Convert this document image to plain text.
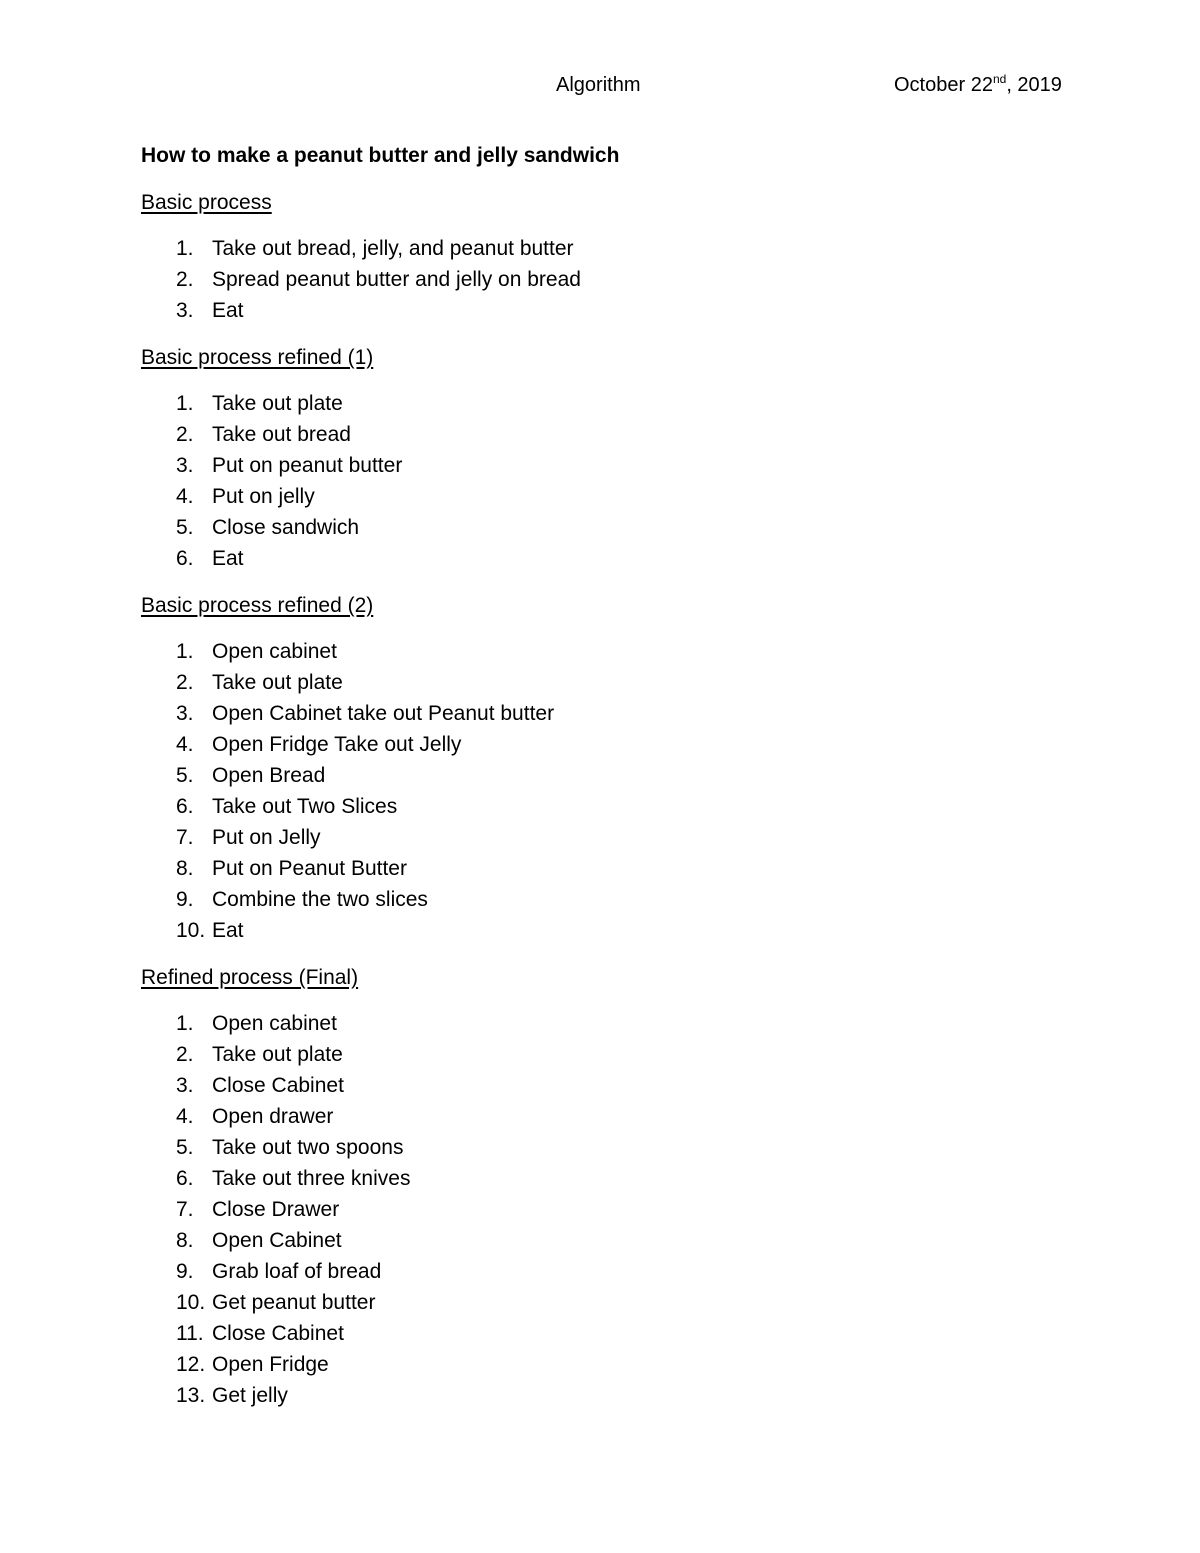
Algorithm	October 22nd, 2019
How to make a peanut butter and jelly sandwich
Basic process
1. Take out bread, jelly, and peanut butter
2. Spread peanut butter and jelly on bread
3. Eat
Basic process refined (1)
1. Take out plate
2. Take out bread
3. Put on peanut butter
4. Put on jelly
5. Close sandwich
6. Eat
Basic process refined (2)
1. Open cabinet
2. Take out plate
3. Open Cabinet take out Peanut butter
4. Open Fridge Take out Jelly
5. Open Bread
6. Take out Two Slices
7. Put on Jelly
8. Put on Peanut Butter
9. Combine the two slices
10. Eat
Refined process (Final)
1. Open cabinet
2. Take out plate
3. Close Cabinet
4. Open drawer
5. Take out two spoons
6. Take out three knives
7. Close Drawer
8. Open Cabinet
9. Grab loaf of bread
10. Get peanut butter
11. Close Cabinet
12. Open Fridge
13. Get jelly
